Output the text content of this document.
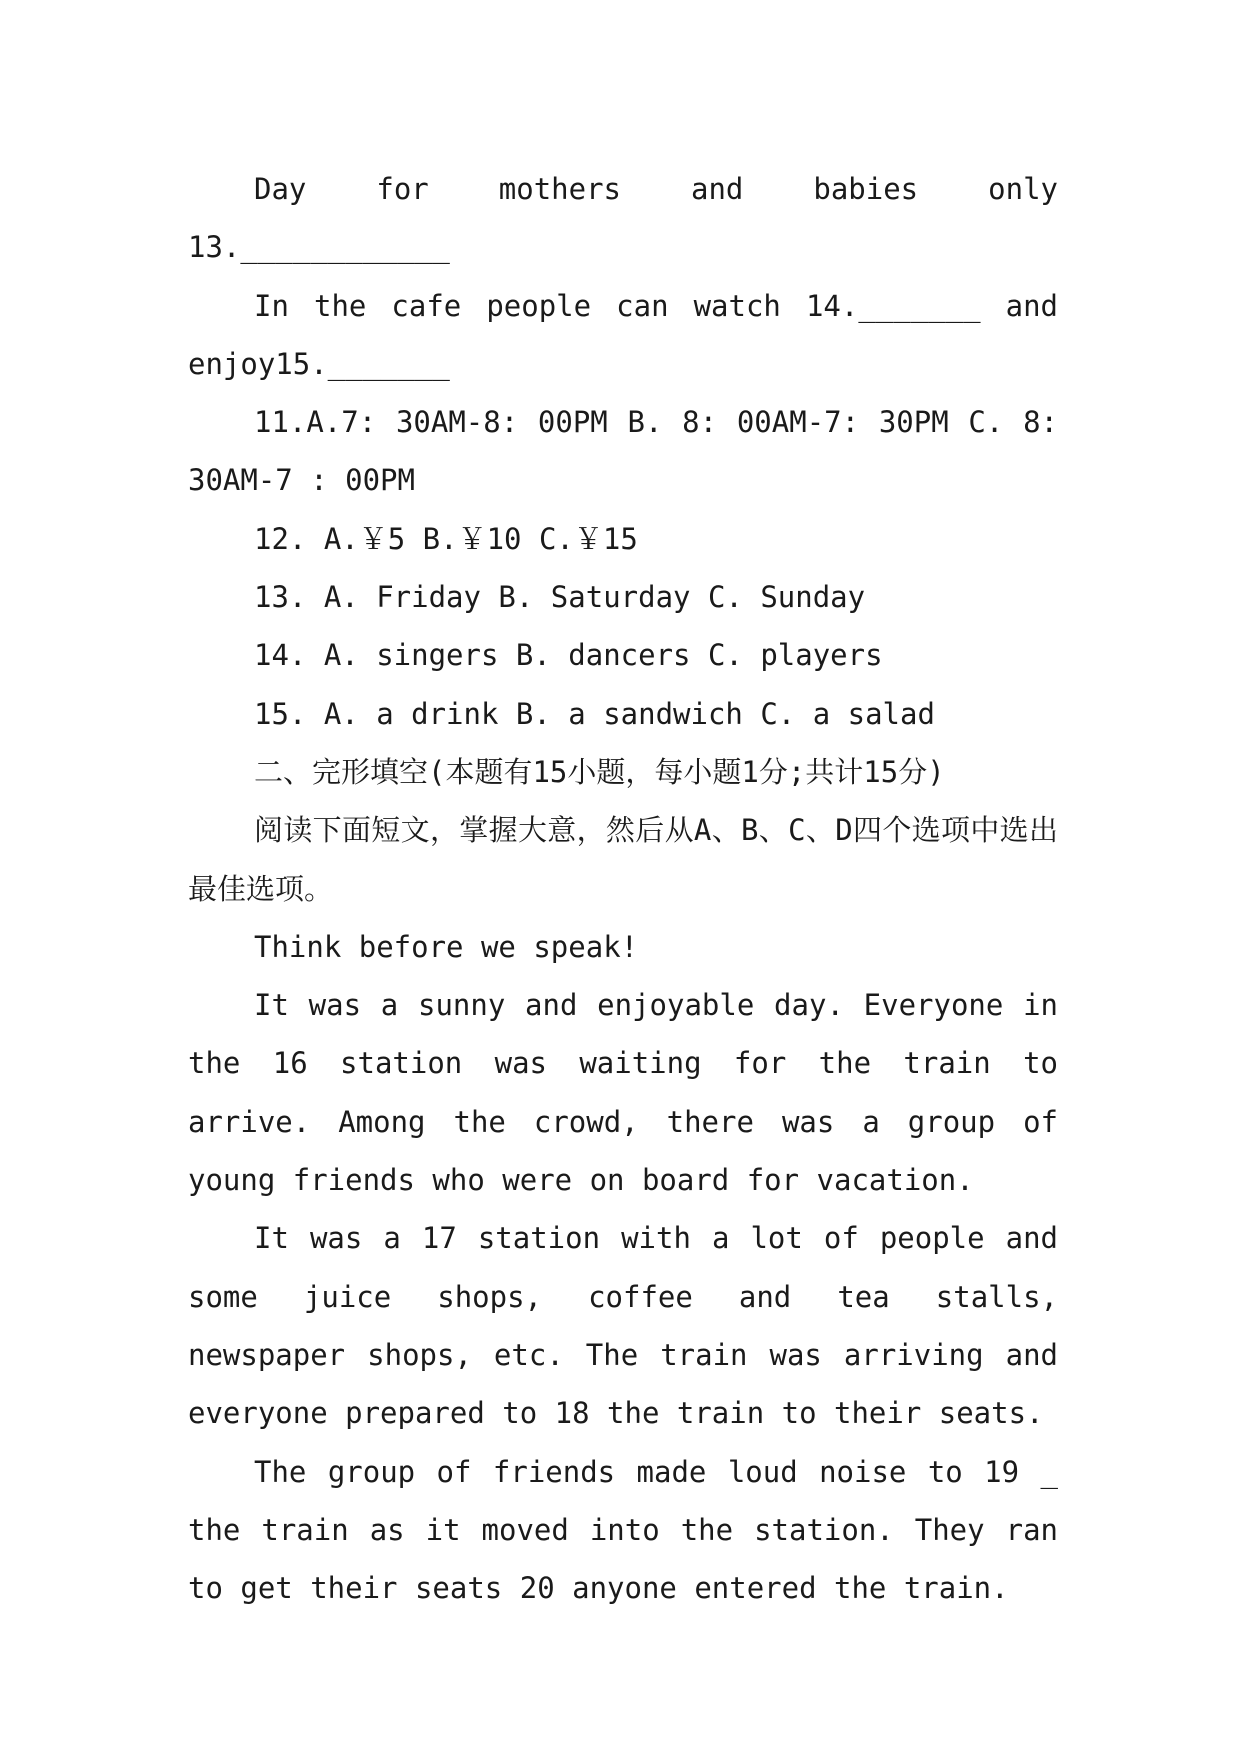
Day for mothers and babies only 13.____________

In the cafe people can watch 14._______ and enjoy15._______

11.A.7: 30AM-8: 00PM B. 8: 00AM-7: 30PM C. 8: 30AM-7 : 00PM

12. A.￥5 B.￥10 C.￥15

13. A. Friday B. Saturday C. Sunday

14. A. singers B. dancers C. players

15. A. a drink B. a sandwich C. a salad

二、完形填空(本题有15小题，每小题1分;共计15分)

阅读下面短文，掌握大意，然后从A、B、C、D四个选项中选出最佳选项。

Think before we speak!

It was a sunny and enjoyable day. Everyone in the 16 station was waiting for the train to arrive. Among the crowd, there was a group of young friends who were on board for vacation.

It was a 17 station with a lot of people and some juice shops, coffee and tea stalls, newspaper shops, etc. The train was arriving and everyone prepared to 18 the train to their seats.

The group of friends made loud noise to 19 _ the train as it moved into the station. They ran to get their seats 20 anyone entered the train.
